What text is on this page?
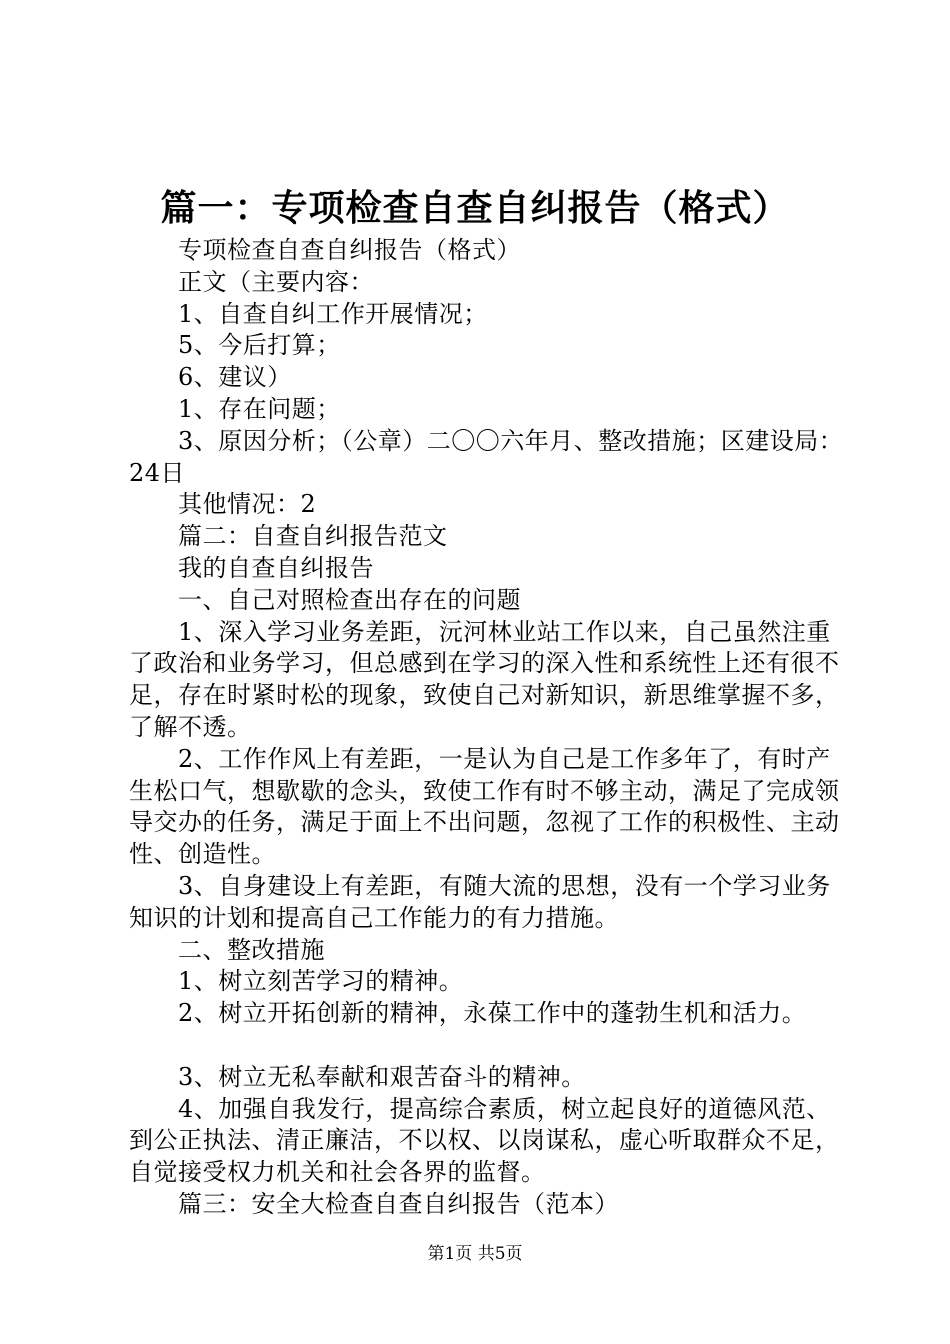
篇一：专项检查自查自纠报告（格式）

专项检查自查自纠报告（格式）

正文（主要内容：

1、自查自纠工作开展情况；

5、今后打算；

6、建议）

1、存在问题；

3、原因分析；（公章）二〇〇六年月、整改措施；区建设局：24日

其他情况：2

篇二：自查自纠报告范文

我的自查自纠报告

一、自己对照检查出存在的问题

1、深入学习业务差距，沅河林业站工作以来，自己虽然注重了政治和业务学习，但总感到在学习的深入性和系统性上还有很不足，存在时紧时松的现象，致使自己对新知识，新思维掌握不多，了解不透。

2、工作作风上有差距，一是认为自己是工作多年了，有时产生松口气，想歇歇的念头，致使工作有时不够主动，满足了完成领导交办的任务，满足于面上不出问题，忽视了工作的积极性、主动性、创造性。

3、自身建设上有差距，有随大流的思想，没有一个学习业务知识的计划和提高自己工作能力的有力措施。

二、整改措施

1、树立刻苦学习的精神。

2、树立开拓创新的精神，永葆工作中的蓬勃生机和活力。

3、树立无私奉献和艰苦奋斗的精神。

4、加强自我发行，提高综合素质，树立起良好的道德风范、到公正执法、清正廉洁，不以权、以岗谋私，虚心听取群众不足，自觉接受权力机关和社会各界的监督。

篇三：安全大检查自查自纠报告（范本）

第1页 共5页
